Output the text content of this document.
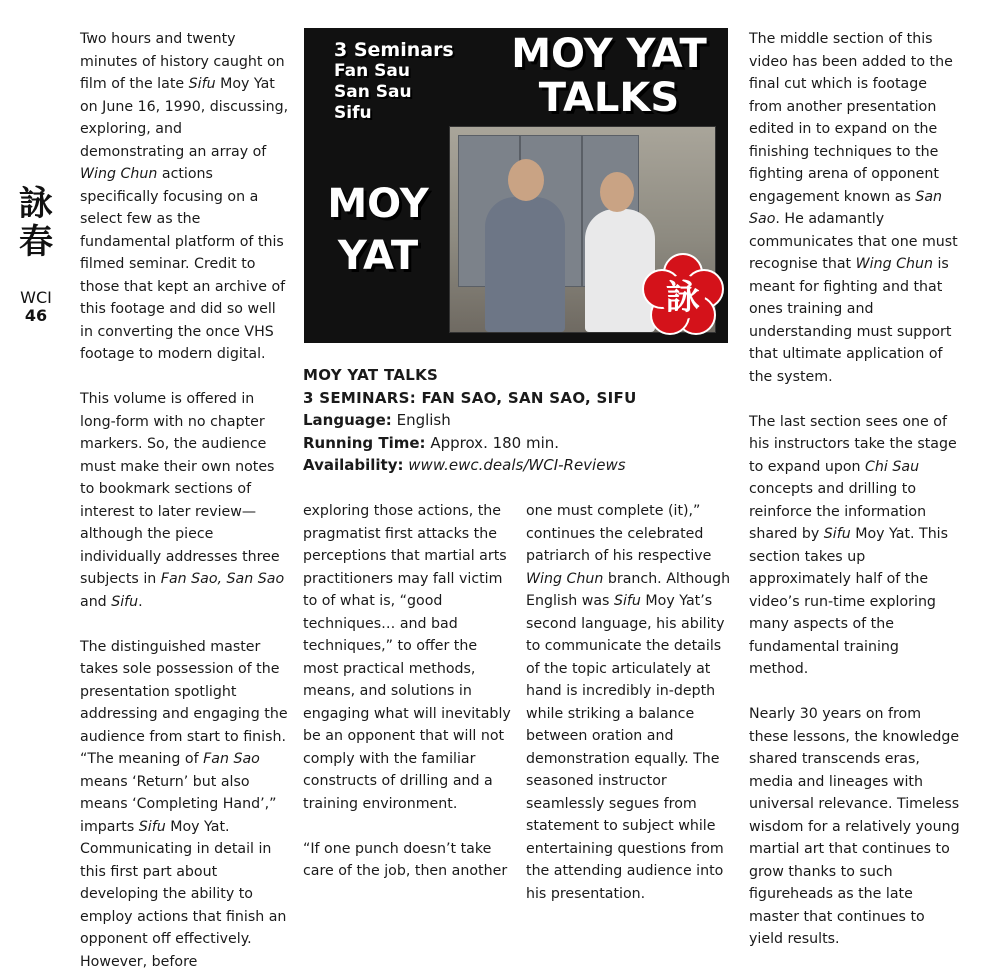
詠
春
WCI
46

Two hours and twenty minutes of history caught on film of the late Sifu Moy Yat on June 16, 1990, discussing, exploring, and demonstrating an array of Wing Chun actions specifically focusing on a select few as the fundamental platform of this filmed seminar. Credit to those that kept an archive of this footage and did so well in converting the once VHS footage to modern digital.

This volume is offered in long-form with no chapter markers. So, the audience must make their own notes to bookmark sections of interest to later review—although the piece individually addresses three subjects in Fan Sao, San Sao and Sifu.

The distinguished master takes sole possession of the presentation spotlight addressing and engaging the audience from start to finish. “The meaning of Fan Sao means ‘Return’ but also means ‘Completing Hand’,” imparts Sifu Moy Yat. Communicating in detail in this first part about developing the ability to employ actions that finish an opponent off effectively. However, before

3 Seminars
Fan Sau
San Sau
Sifu
MOY YAT
TALKS
MOY
YAT
詠
MOY YAT TALKS
3 SEMINARS: FAN SAO, SAN SAO, SIFU
Language: English
Running Time: Approx. 180 min.
Availability: www.ewc.deals/WCI-Reviews

exploring those actions, the pragmatist first attacks the perceptions that martial arts practitioners may fall victim to of what is, “good techniques… and bad techniques,” to offer the most practical methods, means, and solutions in engaging what will inevitably be an opponent that will not comply with the familiar constructs of drilling and a training environment.

“If one punch doesn’t take care of the job, then another

one must complete (it),” continues the celebrated patriarch of his respective Wing Chun branch. Although English was Sifu Moy Yat’s second language, his ability to communicate the details of the topic articulately at hand is incredibly in-depth while striking a balance between oration and demonstration equally. The seasoned instructor seamlessly segues from statement to subject while entertaining questions from the attending audience into his presentation.

The middle section of this video has been added to the final cut which is footage from another presentation edited in to expand on the finishing techniques to the fighting arena of opponent engagement known as San Sao. He adamantly communicates that one must recognise that Wing Chun is meant for fighting and that ones training and understanding must support that ultimate application of the system.

The last section sees one of his instructors take the stage to expand upon Chi Sau concepts and drilling to reinforce the information shared by Sifu Moy Yat. This section takes up approximately half of the video’s run-time exploring many aspects of the fundamental training method.

Nearly 30 years on from these lessons, the knowledge shared transcends eras, media and lineages with universal relevance. Timeless wisdom for a relatively young martial art that continues to grow thanks to such figureheads as the late master that continues to yield results.
